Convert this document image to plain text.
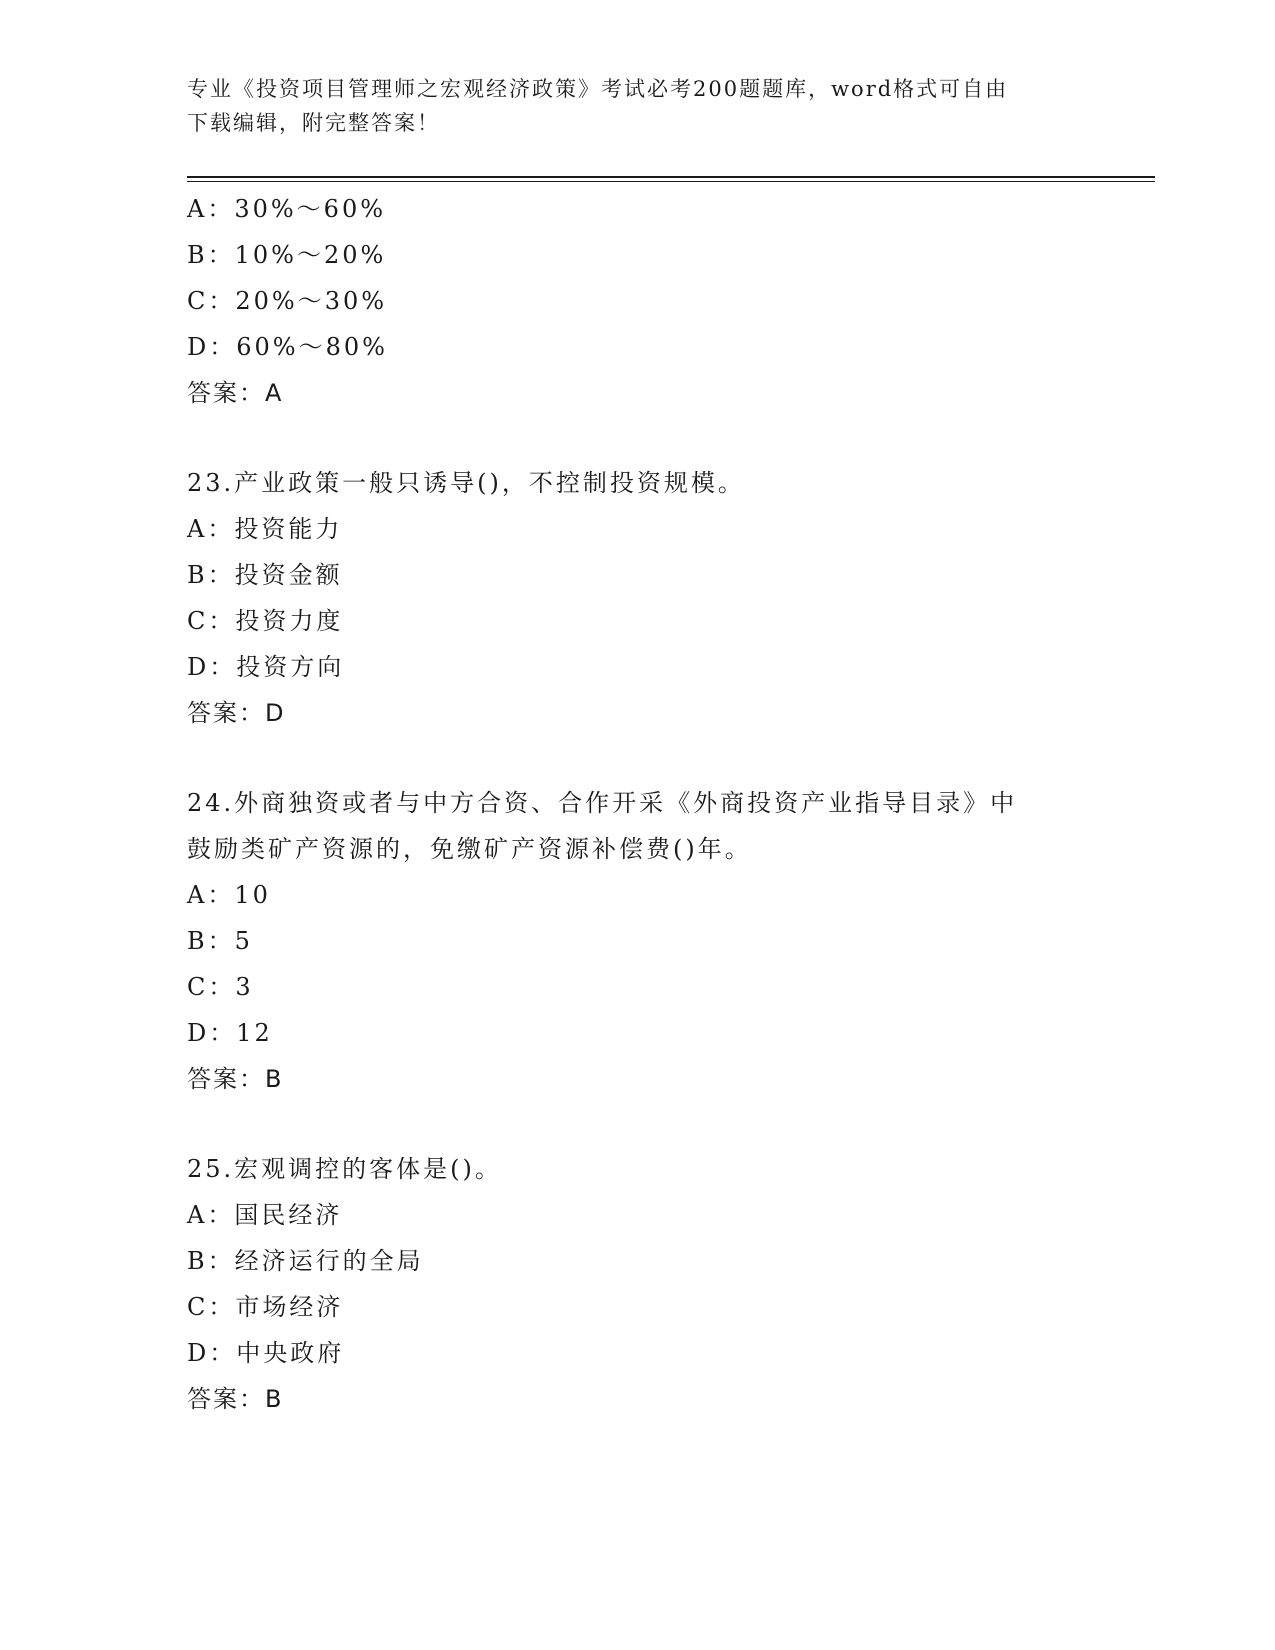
专业《投资项目管理师之宏观经济政策》考试必考200题题库，word格式可自由
下载编辑，附完整答案！
A：30%～60%
B：10%～20%
C：20%～30%
D：60%～80%
答案：A
23.产业政策一般只诱导()，不控制投资规模。
A：投资能力
B：投资金额
C：投资力度
D：投资方向
答案：D
24.外商独资或者与中方合资、合作开采《外商投资产业指导目录》中
鼓励类矿产资源的，免缴矿产资源补偿费()年。
A：10
B：5
C：3
D：12
答案：B
25.宏观调控的客体是()。
A：国民经济
B：经济运行的全局
C：市场经济
D：中央政府
答案：B
